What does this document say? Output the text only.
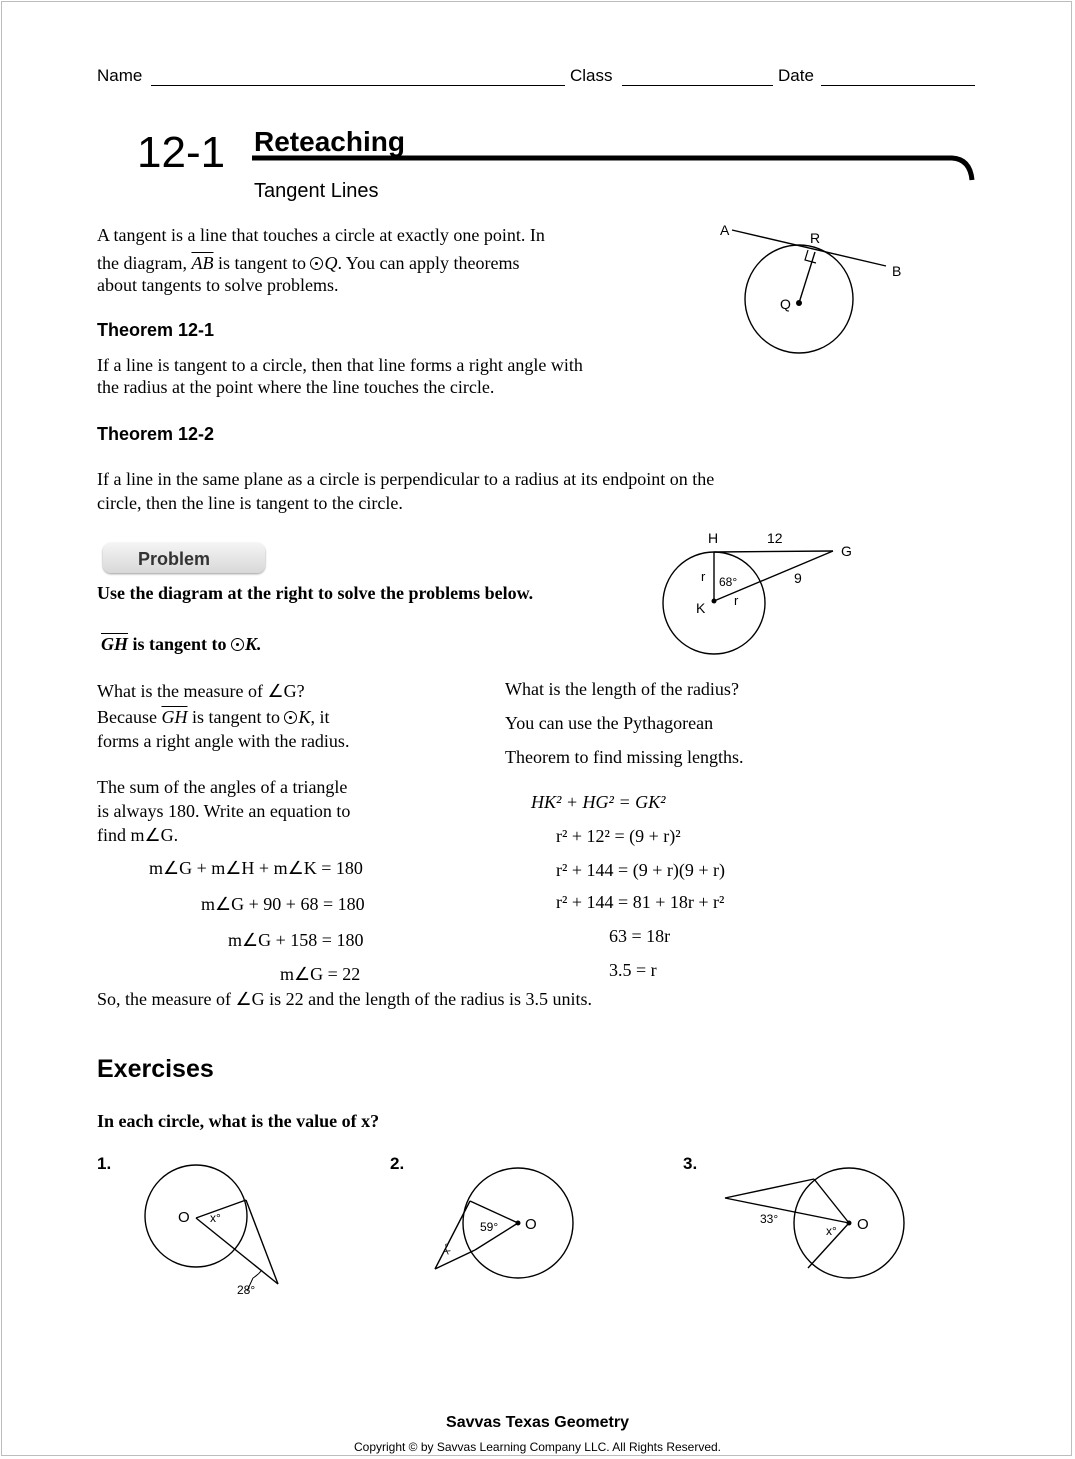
Name	Class	Date
12-1 Reteaching
Tangent Lines
A tangent is a line that touches a circle at exactly one point. In
the diagram, $\overline{AB}$ is tangent to Q. You can apply theorems
about tangents to solve problems.
A	R
B
Q
Theorem 12-1
If a line is tangent to a circle, then that line forms a right angle with
the radius at the point where the line touches the circle.
Theorem 12-2
If a line in the same plane as a circle is perpendicular to a radius at its endpoint on the
circle, then the line is tangent to the circle.
Problem
Use the diagram at the right to solve the problems below.
$\overline{GH}$ is tangent to K.
H	12
G
r 68°	9
K r
What is the measure of ∠G?
Because $\overline{GH}$ is tangent to K, it
forms a right angle with the radius.
The sum of the angles of a triangle
is always 180. Write an equation to
find m∠G.
m∠G + m∠H + m∠K = 180
m∠G + 90 + 68 = 180
m∠G + 158 = 180
m∠G = 22
What is the length of the radius?
You can use the Pythagorean
Theorem to find missing lengths.
HK² + HG² = GK²
r² + 12² = (9 + r)²
r² + 144 = (9 + r)(9 + r)
r² + 144 = 81 + 18r + r²
63 = 18r
3.5 = r
So, the measure of ∠G is 22 and the length of the radius is 3.5 units.
Exercises
In each circle, what is the value of x?
1.	2.	3.
O x°
28°
59° O
x°
33°
x° O
Savvas Texas Geometry
Copyright © by Savvas Learning Company LLC. All Rights Reserved.
